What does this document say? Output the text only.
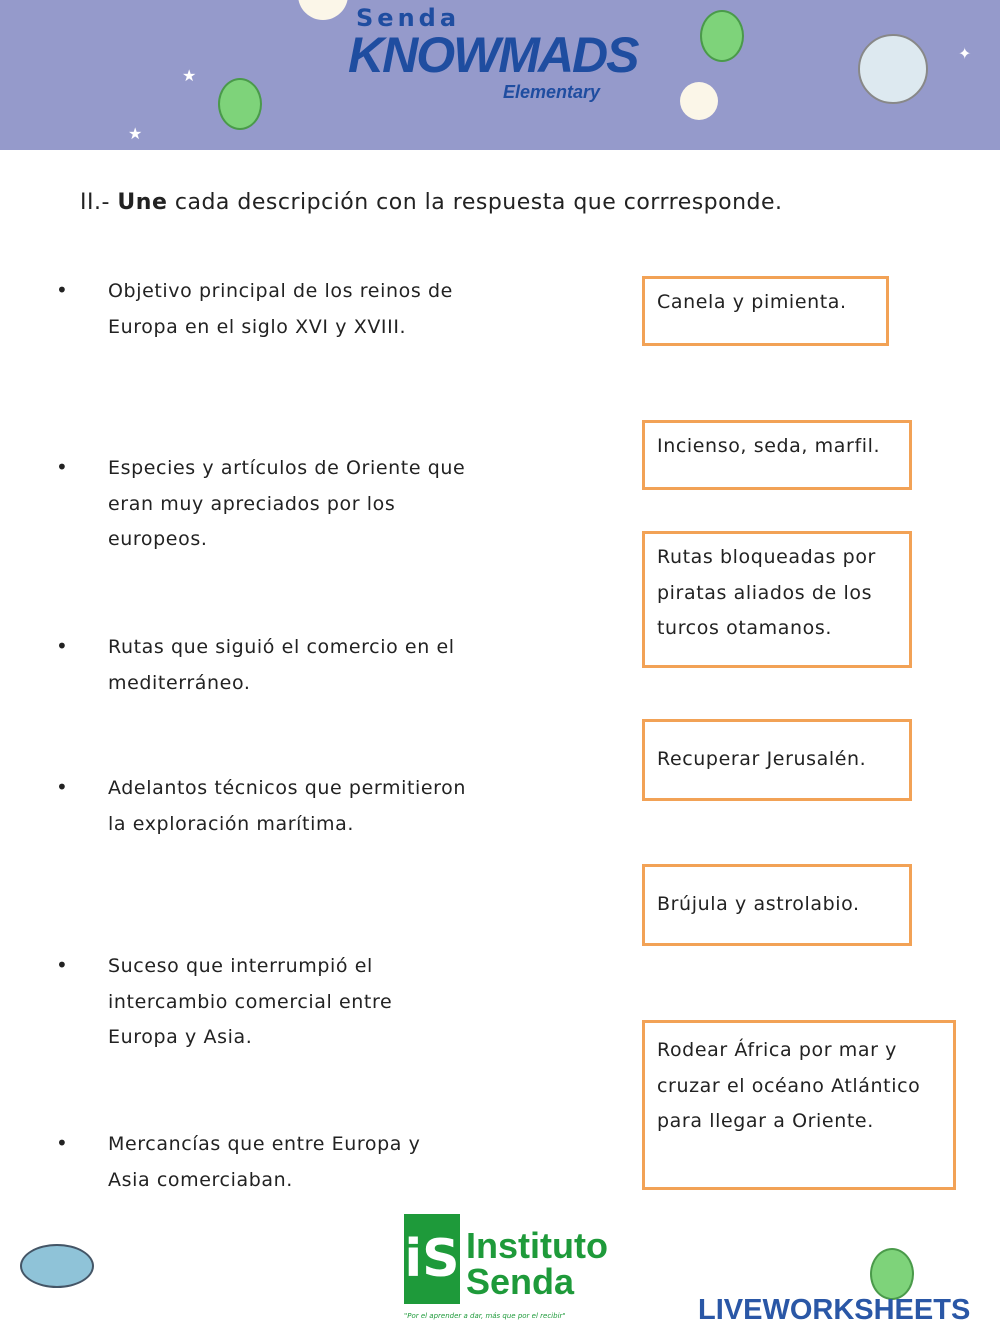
★
★
✦
Senda
KNOWMADS
Elementary
II.- Une cada descripción con la respuesta que corrresponde.
• Objetivo principal de los reinos de Europa en el siglo XVI y XVIII.
• Especies y artículos de Oriente que eran muy apreciados por los europeos.
• Rutas que siguió el comercio en el mediterráneo.
• Adelantos técnicos que permitieron la exploración marítima.
• Suceso que interrumpió el intercambio comercial entre Europa y Asia.
• Mercancías que entre Europa y Asia comerciaban.
Canela y pimienta.
Incienso, seda, marfil.
Rutas bloqueadas por piratas aliados de los turcos otamanos.
Recuperar Jerusalén.
Brújula y astrolabio.
Rodear África por mar y cruzar el océano Atlántico para llegar a Oriente.
iS Instituto
Senda
"Por el aprender a dar, más que por el recibir"	LIVEWORKSHEETS
